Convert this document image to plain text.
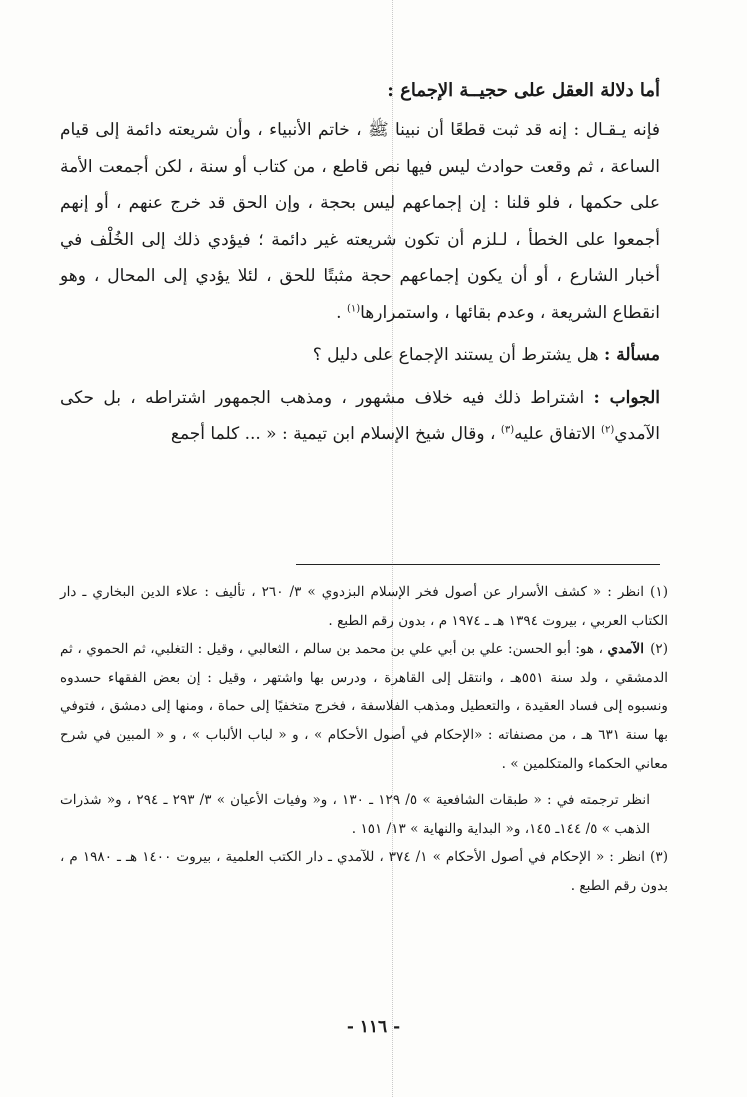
أما دلالة العقل على حجيــة الإجماع :

فإنه يـقـال : إنه قد ثبت قطعًا أن نبينا ﷺ ، خاتم الأنبياء ، وأن شريعته دائمة إلى قيام الساعة ، ثم وقعت حوادث ليس فيها نص قاطع ، من كتاب أو سنة ، لكن أجمعت الأمة على حكمها ، فلو قلنا : إن إجماعهم ليس بحجة ، وإن الحق قد خرج عنهم ، أو إنهم أجمعوا على الخطأ ، لـلزم أن تكون شريعته غير دائمة ؛ فيؤدي ذلك إلى الخُلْف في أخبار الشارع ، أو أن يكون إجماعهم حجة مثبتًا للحق ، لئلا يؤدي إلى المحال ، وهو انقطاع الشريعة ، وعدم بقائها ، واستمرارها$^{(١)}$ .

مسألة : هل يشترط أن يستند الإجماع على دليل ؟

الجواب : اشتراط ذلك فيه خلاف مشهور ، ومذهب الجمهور اشتراطه ، بل حكى الآمدي$^{(٢)}$ الاتفاق عليه$^{(٣)}$ ، وقال شيخ الإسلام ابن تيمية : « ... كلما أجمع

(١) انظر : « كشف الأسرار عن أصول فخر الإسلام البزدوي » ٣/ ٢٦٠ ، تأليف : علاء الدين البخاري ـ دار الكتاب العربي ، بيروت ١٣٩٤ هـ ـ ١٩٧٤ م ، بدون رقم الطبع .

(٢)الآمدي ، هو: أبو الحسن: علي بن أبي علي بن محمد بن سالم ، الثعالبي ، وقيل : التغلبي، ثم الحموي ، ثم الدمشقي ، ولد سنة ٥٥١هـ ، وانتقل إلى القاهرة ، ودرس بها واشتهر ، وقيل : إن بعض الفقهاء حسدوه ونسبوه إلى فساد العقيدة ، والتعطيل ومذهب الفلاسفة ، فخرج متخفيًا إلى حماة ، ومنها إلى دمشق ، فتوفي بها سنة ٦٣١ هـ ، من مصنفاته : «الإحكام في أصول الأحكام » ، و « لباب الألباب » ، و « المبين في شرح معاني الحكماء والمتكلمين » .

انظر ترجمته في : « طبقات الشافعية » ٥/ ١٢٩ ـ ١٣٠ ، و« وفيات الأعيان » ٣/ ٢٩٣ ـ ٢٩٤ ، و« شذرات الذهب » ٥/ ١٤٤ـ ١٤٥، و« البداية والنهاية » ١٣/ ١٥١ .

(٣) انظر : « الإحكام في أصول الأحكام » ١/ ٣٧٤ ، للآمدي ـ دار الكتب العلمية ، بيروت ١٤٠٠ هـ ـ ١٩٨٠ م ، بدون رقم الطبع .

- ١١٦ -
